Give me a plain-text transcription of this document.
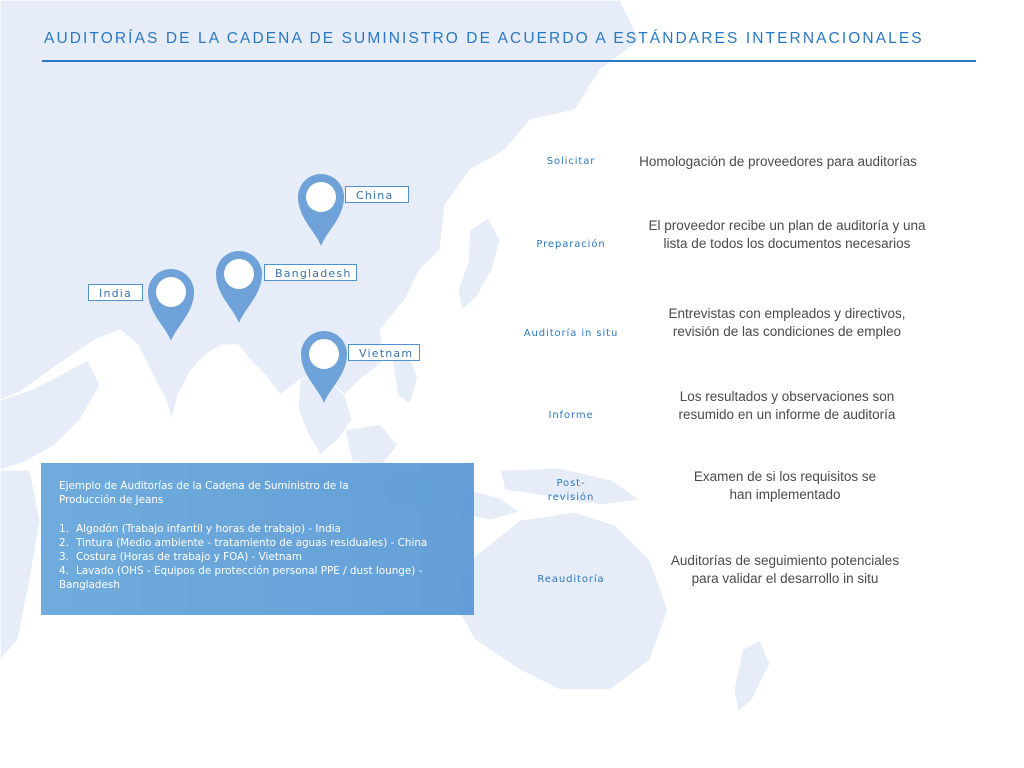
AUDITORÍAS DE LA CADENA DE SUMINISTRO DE ACUERDO A ESTÁNDARES INTERNACIONALES
China
Bangladesh
India
Vietnam
Solicitar	Homologación de proveedores para auditorías
Preparación
El proveedor recibe un plan de auditoría y una lista de todos los documentos necesarios
Auditoría in situ
Entrevistas con empleados y directivos, revisión de las condiciones de empleo
Informe
Los resultados y observaciones son resumido en un informe de auditoría
Post-revisión
Examen de si los requisitos se han implementado
Reauditoría
Auditorías de seguimiento potenciales para validar el desarrollo in situ
Ejemplo de Auditorías de la Cadena de Suministro de la Producción de Jeans
1. Algodón (Trabajo infantil y horas de trabajo) - India
2. Tintura (Medio ambiente - tratamiento de aguas residuales) - China
3. Costura (Horas de trabajo y FOA) - Vietnam
4. Lavado (OHS - Equipos de protección personal PPE / dust lounge) - Bangladesh
